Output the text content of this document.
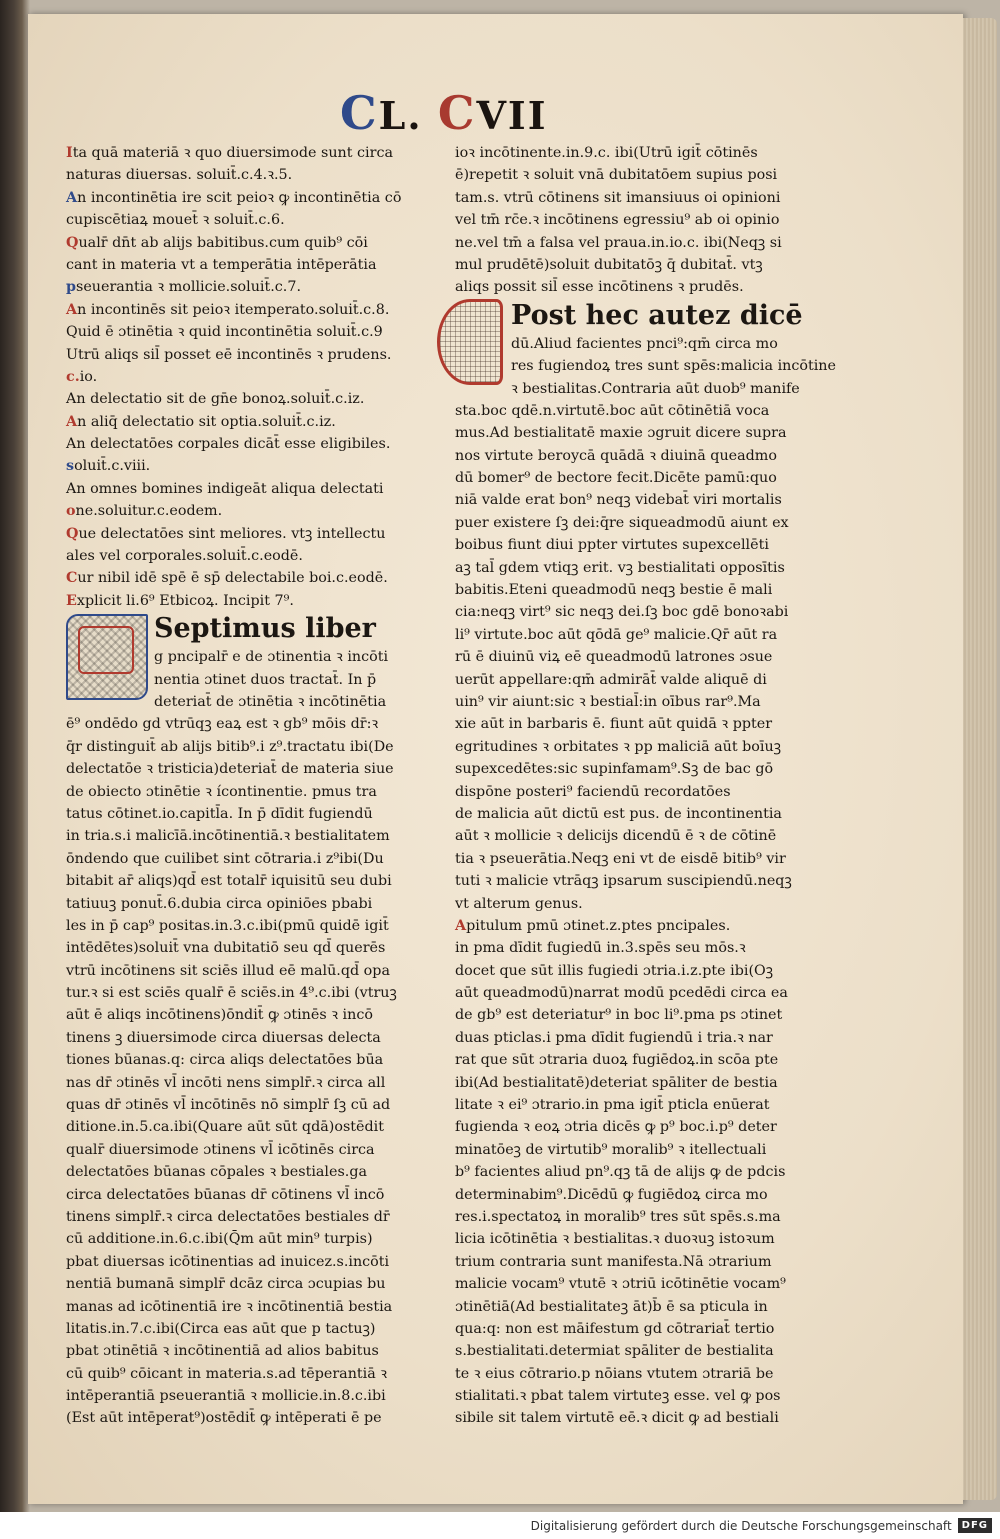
CL. CVII
Ita quā materiā ꝛ quo diuersimode sunt circa
naturas diuersas. soluit̄.c.4.ꝛ.5.
An incontinētia ire scit peioꝛ ꝙ incontinētia cō
cupiscētiaꝝ mouet̄ ꝛ soluit̄.c.6.
Qualr̄ dn̄t ab alijs babitibus.cum quib⁹ cōi
cant in materia vt a temperātia intēperātia
pseuerantia ꝛ mollicie.soluit̄.c.7.
An incontinēs sit peioꝛ itemperato.soluit̄.c.8.
Quid ē ɔtinētia ꝛ quid incontinētia soluit̄.c.9
Utrū aliqs sil̄ posset eē incontinēs ꝛ prudens.
c.io.
An delectatio sit de gn̄e bonoꝝ.soluit̄.c.iz.
An aliq̄ delectatio sit optia.soluit̄.c.iz.
An delectatōes corpales dicāt̄ esse eligibiles.
soluit̄.c.viii.
An omnes bomines indigeāt aliqua delectati
one.soluitur.c.eodem.
Que delectatōes sint meliores. vtꝫ intellectu
ales vel corporales.soluit̄.c.eodē.
Cur nibil idē spē ē sp̄ delectabile boi.c.eodē.
Explicit li.6⁹ Etbicoꝝ. Incipit 7⁹.
Septimus liber
g pncipalr̄ e de ɔtinentia ꝛ incōti
nentia ɔtinet duos tractat̄. In p̄
deteriat̄ de ɔtinētia ꝛ incōtinētia
ē⁹ ondēdo gd vtrūqꝫ eaꝝ est ꝛ gb⁹ mōis dr̄:ꝛ
q̄r distinguit̄ ab alijs bitib⁹.i z⁹.tractatu ibi(De
delectatōe ꝛ tristicia)deteriat̄ de materia siue
de obiecto ɔtinētie ꝛ ícontinentie. pmus tra
tatus cōtinet.io.capitl̄a. In p̄ dīdit fugiendū
in tria.s.i malicīā.incōtinentiā.ꝛ bestialitatem
ōndendo que cuilibet sint cōtraria.i z⁹ibi(Du
bitabit ar̄ aliqs)qd̄ est totalr̄ iquisitū seu dubi
tatiuuꝫ ponut̄.6.dubia circa opiniōes pbabi
les in p̄ cap⁹ positas.in.3.c.ibi(pmū quidē igit̄
intēdētes)soluit̄ vna dubitatiō seu qd̄ querēs
vtrū incōtinens sit sciēs illud eē malū.qd̄ opa
tur.ꝛ si est sciēs qualr̄ ē sciēs.in 4⁹.c.ibi (vtruꝫ
aūt ē aliqs incōtinens)ōndit̄ ꝙ ɔtinēs ꝛ incō
tinens ꝫ diuersimode circa diuersas delecta
tiones būanas.q: circa aliqs delectatōes būa
nas dr̄ ɔtinēs vl̄ incōti nens simplr̄.ꝛ circa all
quas dr̄ ɔtinēs vl̄ incōtinēs nō simplr̄ ſꝫ cū ad
ditione.in.5.ca.ibi(Quare aūt sūt qdā)ostēdit
qualr̄ diuersimode ɔtinens vl̄ icōtinēs circa
delectatōes būanas cōpales ꝛ bestiales.ga
circa delectatōes būanas dr̄ cōtinens vl̄ incō
tinens simplr̄.ꝛ circa delectatōes bestiales dr̄
cū additione.in.6.c.ibi(Q̄m aūt min⁹ turpis)
pbat diuersas icōtinentias ad inuicez.s.incōti
nentiā bumanā simplr̄ dcāz circa ɔcupias bu
manas ad icōtinentiā ire ꝛ incōtinentiā bestia
litatis.in.7.c.ibi(Circa eas aūt que p tactuꝫ)
pbat ɔtinētiā ꝛ incōtinentiā ad alios babitus
cū quib⁹ cōicant in materia.s.ad tēperantiā ꝛ
intēperantiā pseuerantiā ꝛ mollicie.in.8.c.ibi
(Est aūt intēperat⁹)ostēdit̄ ꝙ intēperati ē pe
ioꝛ incōtinente.in.9.c. ibi(Utrū igit̄ cōtinēs
ē)repetit ꝛ soluit vnā dubitatōem supius posi
tam.s. vtrū cōtinens sit imansiuus oi opinioni
vel tm̄ rc̄e.ꝛ incōtinens egressiu⁹ ab oi opinio
ne.vel tm̄ a falsa vel praua.in.io.c. ibi(Neqꝫ si
mul prudētē)soluit dubitatōꝫ q̄ dubitat̄. vtꝫ
aliqs possit sil̄ esse incōtinens ꝛ prudēs.
Post hec autez dicē
dū.Aliud facientes pnci⁹:qm̄ circa mo
res fugiendoꝝ tres sunt spēs:malicia incōtine
ꝛ bestialitas.Contraria aūt duob⁹ manife
sta.boc qdē.n.virtutē.boc aūt cōtinētiā voca
mus.Ad bestialitatē maxie ɔgruit dicere supra
nos virtute beroycā quādā ꝛ diuinā queadmo
dū bomer⁹ de bectore fecit.Dicēte pamū:quo
niā valde erat bon⁹ neqꝫ videbat̄ viri mortalis
puer existere ſꝫ dei:q̄re siqueadmodū aiunt ex
boibus fiunt diui ppter virtutes supexcellēti
aꝫ tal̄ gdem vtiqꝫ erit. vꝫ bestialitati opposītis
babitis.Eteni queadmodū neqꝫ bestie ē mali
cia:neqꝫ virt⁹ sic neqꝫ dei.ſꝫ boc gdē bonoꝛabi
li⁹ virtute.boc aūt qōdā ge⁹ malicie.Qr̄ aūt ra
rū ē diuinū viꝝ eē queadmodū latrones ɔsue
uerūt appellare:qm̄ admirāt̄ valde aliquē di
uin⁹ vir aiunt:sic ꝛ bestial̄:in oībus rar⁹.Ma
xie aūt in barbaris ē. fiunt aūt quidā ꝛ ppter
egritudines ꝛ orbitates ꝛ pp maliciā aūt boīuꝫ
supexcedētes:sic supinfamam⁹.Sꝫ de bac gō
dispōne posteri⁹ faciendū recordatōes
de malicia aūt dictū est pus. de incontinentia
aūt ꝛ mollicie ꝛ delicijs dicendū ē ꝛ de cōtinē
tia ꝛ pseuerātia.Neqꝫ eni vt de eisdē bitib⁹ vir
tuti ꝛ malicie vtrāqꝫ ipsarum suscipiendū.neqꝫ
vt alterum genus.
Apitulum pmū ɔtinet.z.ptes pncipales.
in pma dīdit fugiedū in.3.spēs seu mōs.ꝛ
docet que sūt illis fugiedi ɔtria.i.z.pte ibi(Oꝫ
aūt queadmodū)narrat modū pcedēdi circa ea
de gb⁹ est deteriatur⁹ in boc li⁹.pma ps ɔtinet
duas pticlas.i pma dīdit fugiendū i tria.ꝛ nar
rat que sūt ɔtraria duoꝝ fugiēdoꝝ.in scōa pte
ibi(Ad bestialitatē)deteriat spāliter de bestia
litate ꝛ ei⁹ ɔtrario.in pma igit̄ pticla enūerat
fugienda ꝛ eoꝝ ɔtria dicēs ꝙ p⁹ boc.i.p⁹ deter
minatōeꝫ de virtutib⁹ moralib⁹ ꝛ itellectuali
b⁹ facientes aliud pn⁹.qꝫ tā de alijs ꝙ de pdcis
determinabim⁹.Dicēdū ꝙ fugiēdoꝝ circa mo
res.i.spectatoꝝ in moralib⁹ tres sūt spēs.s.ma
licia icōtinētia ꝛ bestialitas.ꝛ duoꝛuꝫ istoꝛum
trium contraria sunt manifesta.Nā ɔtrarium
malicie vocam⁹ vtutē ꝛ ɔtriū icōtinētie vocam⁹
ɔtinētiā(Ad bestialitateꝫ āt)b̄ ē sa pticula in
qua:q: non est māifestum gd cōtrariat̄ tertio
s.bestialitati.determiat spāliter de bestialita
te ꝛ eius cōtrario.p nōians vtutem ɔtrariā be
stialitati.ꝛ pbat talem virtuteꝫ esse. vel ꝙ pos
sibile sit talem virtutē eē.ꝛ dicit ꝙ ad bestiali
Digitalisierung gefördert durch die Deutsche Forschungsgemeinschaft	DFG
